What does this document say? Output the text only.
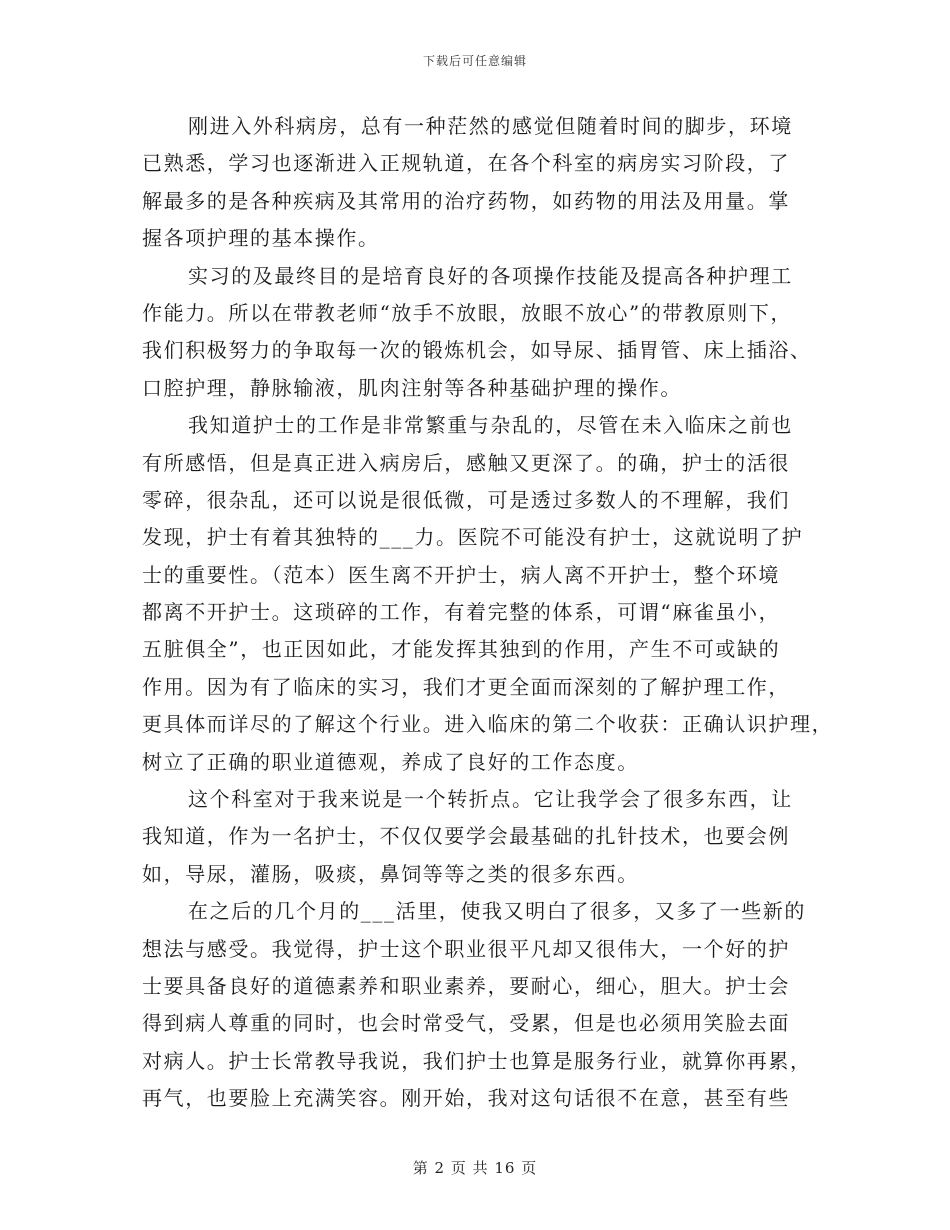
下载后可任意编辑
刚进入外科病房，总有一种茫然的感觉但随着时间的脚步，环境
已熟悉，学习也逐渐进入正规轨道，在各个科室的病房实习阶段，了
解最多的是各种疾病及其常用的治疗药物，如药物的用法及用量。掌
握各项护理的基本操作。
实习的及最终目的是培育良好的各项操作技能及提高各种护理工
作能力。所以在带教老师“放手不放眼，放眼不放心”的带教原则下，
我们积极努力的争取每一次的锻炼机会，如导尿、插胃管、床上插浴、
口腔护理，静脉输液，肌肉注射等各种基础护理的操作。
我知道护士的工作是非常繁重与杂乱的，尽管在未入临床之前也
有所感悟，但是真正进入病房后，感触又更深了。的确，护士的活很
零碎，很杂乱，还可以说是很低微，可是透过多数人的不理解，我们
发现，护士有着其独特的___力。医院不可能没有护士，这就说明了护
士的重要性。（范本）医生离不开护士，病人离不开护士，整个环境
都离不开护士。这琐碎的工作，有着完整的体系，可谓“麻雀虽小，
五脏俱全”，也正因如此，才能发挥其独到的作用，产生不可或缺的
作用。因为有了临床的实习，我们才更全面而深刻的了解护理工作，
更具体而详尽的了解这个行业。进入临床的第二个收获：正确认识护理，
树立了正确的职业道德观，养成了良好的工作态度。
这个科室对于我来说是一个转折点。它让我学会了很多东西，让
我知道，作为一名护士，不仅仅要学会最基础的扎针技术，也要会例
如，导尿，灌肠，吸痰，鼻饲等等之类的很多东西。
在之后的几个月的___活里，使我又明白了很多，又多了一些新的
想法与感受。我觉得，护士这个职业很平凡却又很伟大，一个好的护
士要具备良好的道德素养和职业素养，要耐心，细心，胆大。护士会
得到病人尊重的同时，也会时常受气，受累，但是也必须用笑脸去面
对病人。护士长常教导我说，我们护士也算是服务行业，就算你再累，
再气，也要脸上充满笑容。刚开始，我对这句话很不在意，甚至有些
第 2 页 共 16 页
